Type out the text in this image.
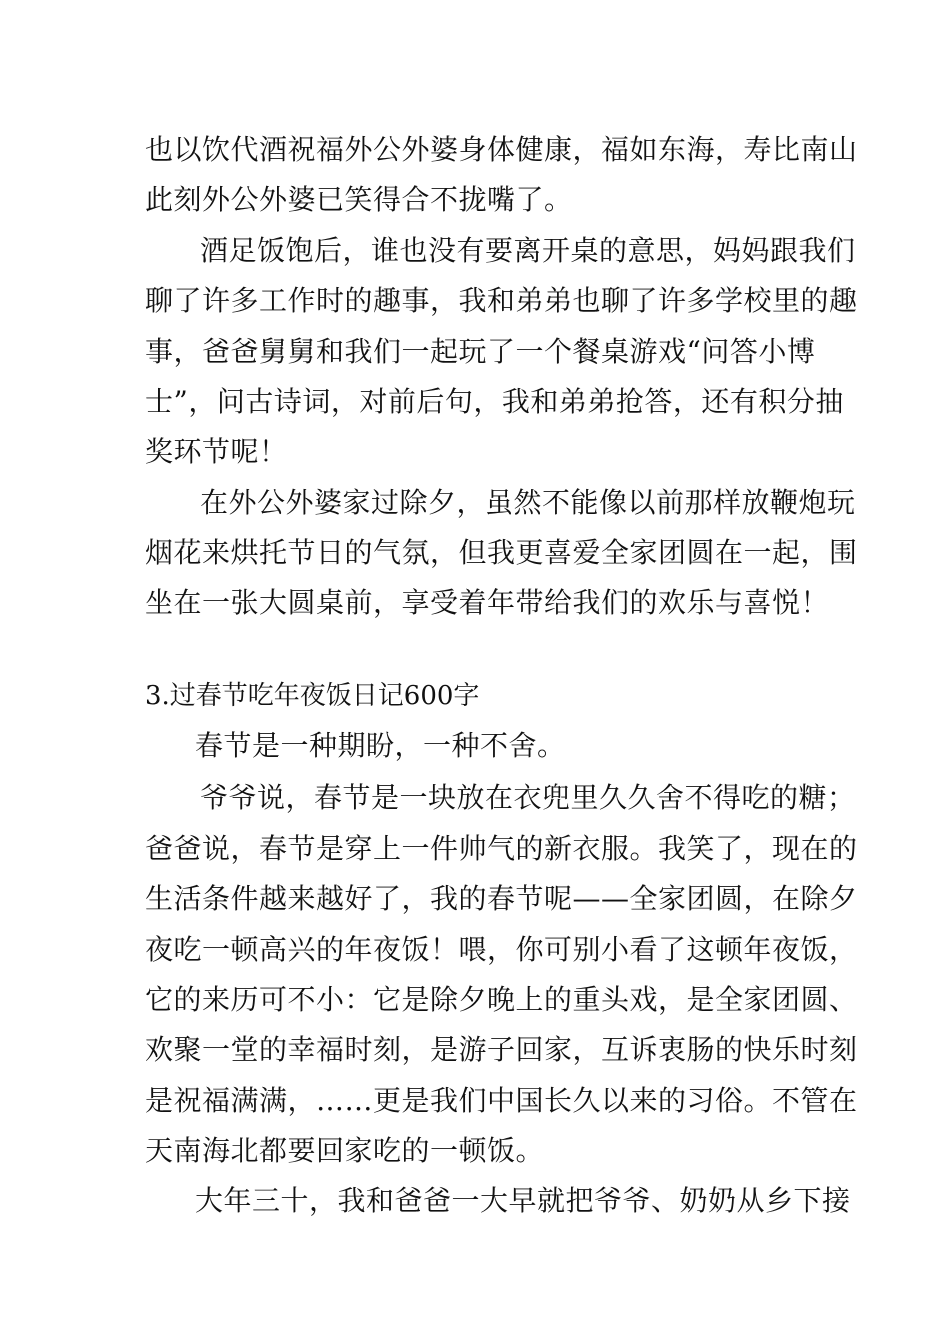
也以饮代酒祝福外公外婆身体健康，福如东海，寿比南山
此刻外公外婆已笑得合不拢嘴了。
酒足饭饱后，谁也没有要离开桌的意思，妈妈跟我们
聊了许多工作时的趣事，我和弟弟也聊了许多学校里的趣
事，爸爸舅舅和我们一起玩了一个餐桌游戏“问答小博
士”，问古诗词，对前后句，我和弟弟抢答，还有积分抽
奖环节呢！
在外公外婆家过除夕，虽然不能像以前那样放鞭炮玩
烟花来烘托节日的气氛，但我更喜爱全家团圆在一起，围
坐在一张大圆桌前，享受着年带给我们的欢乐与喜悦！
3.过春节吃年夜饭日记600字
春节是一种期盼，一种不舍。
爷爷说，春节是一块放在衣兜里久久舍不得吃的糖；
爸爸说，春节是穿上一件帅气的新衣服。我笑了，现在的
生活条件越来越好了，我的春节呢——全家团圆，在除夕
夜吃一顿高兴的年夜饭！喂，你可别小看了这顿年夜饭，
它的来历可不小：它是除夕晚上的重头戏，是全家团圆、
欢聚一堂的幸福时刻，是游子回家，互诉衷肠的快乐时刻
是祝福满满，……更是我们中国长久以来的习俗。不管在
天南海北都要回家吃的一顿饭。
大年三十，我和爸爸一大早就把爷爷、奶奶从乡下接
